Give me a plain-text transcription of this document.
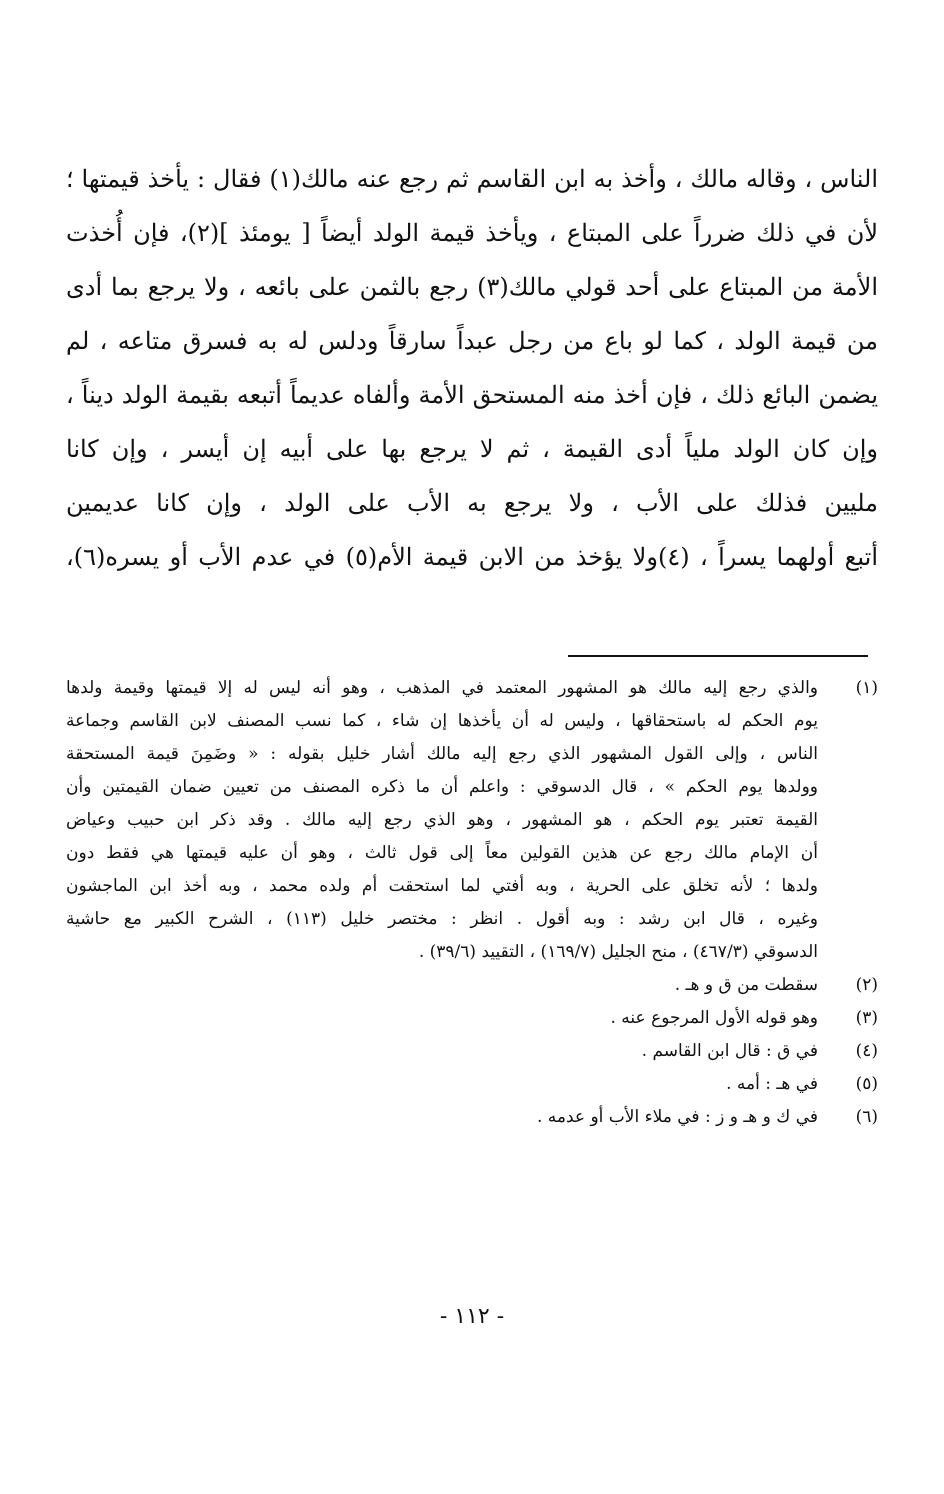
الناس ، وقاله مالك ، وأخذ به ابن القاسم ثم رجع عنه مالك(١) فقال : يأخذ قيمتها ؛
لأن في ذلك ضرراً على المبتاع ، ويأخذ قيمة الولد أيضاً [ يومئذ ](٢)، فإن أُخذت
الأمة من المبتاع على أحد قولي مالك(٣) رجع بالثمن على بائعه ، ولا يرجع بما أدى
من قيمة الولد ، كما لو باع من رجل عبداً سارقاً ودلس له به فسرق متاعه ، لم
يضمن البائع ذلك ، فإن أخذ منه المستحق الأمة وألفاه عديماً أتبعه بقيمة الولد ديناً ،
وإن كان الولد ملياً أدى القيمة ، ثم لا يرجع بها على أبيه إن أيسر ، وإن كانا
مليين فذلك على الأب ، ولا يرجع به الأب على الولد ، وإن كانا عديمين
أتبع أولهما يسراً ، (٤)ولا يؤخذ من الابن قيمة الأم(٥) في عدم الأب أو يسره(٦)،
(١)
والذي رجع إليه مالك هو المشهور المعتمد في المذهب ، وهو أنه ليس له إلا قيمتها وقيمة ولدها
يوم الحكم له باستحقاقها ، وليس له أن يأخذها إن شاء ، كما نسب المصنف لابن القاسم وجماعة
الناس ، وإلى القول المشهور الذي رجع إليه مالك أشار خليل بقوله : « وضَمِنَ قيمة المستحقة
وولدها يوم الحكم » ، قال الدسوقي : واعلم أن ما ذكره المصنف من تعيين ضمان القيمتين وأن
القيمة تعتبر يوم الحكم ، هو المشهور ، وهو الذي رجع إليه مالك . وقد ذكر ابن حبيب وعياض
أن الإمام مالك رجع عن هذين القولين معاً إلى قول ثالث ، وهو أن عليه قيمتها هي فقط دون
ولدها ؛ لأنه تخلق على الحرية ، وبه أفتي لما استحقت أم ولده محمد ، وبه أخذ ابن الماجشون
وغيره ، قال ابن رشد : وبه أقول . انظر : مختصر خليل (١١٣) ، الشرح الكبير مع حاشية
الدسوقي (٤٦٧/٣) ، منح الجليل (١٦٩/٧) ، التقييد (٣٩/٦) .
(٢)
سقطت من ق و هـ .
(٣)
وهو قوله الأول المرجوع عنه .
(٤)
في ق : قال ابن القاسم .
(٥)
في هـ : أمه .
(٦)
في ك و هـ و ز : في ملاء الأب أو عدمه .
- ١١٢ -
